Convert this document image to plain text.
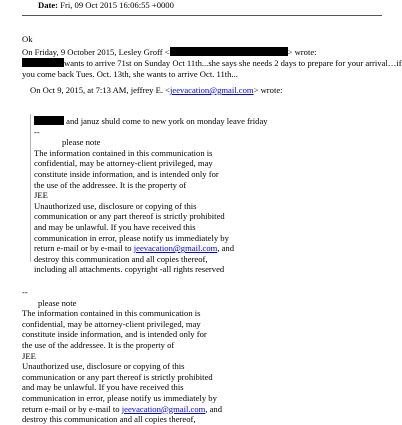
Date: Fri, 09 Oct 2015 16:06:55 +0000
Ok
On Friday, 9 October 2015, Lesley Groff <	> wrote:
wants to arrive 71st on Sunday Oct 11th...she says she needs 2 days to prepare for your arrival…if
you come back Tues. Oct. 13th, she wants to arrive Oct. 11th...
On Oct 9, 2015, at 7:13 AM, jeffrey E. <jeevacation@gmail.com> wrote:
and januz shuld come to new york on monday leave friday
--
please note
The information contained in this communication is
confidential, may be attorney-client privileged, may
constitute inside information, and is intended only for
the use of the addressee. It is the property of
JEE
Unauthorized use, disclosure or copying of this
communication or any part thereof is strictly prohibited
and may be unlawful. If you have received this
communication in error, please notify us immediately by
return e-mail or by e-mail to jeevacation@gmail.com, and
destroy this communication and all copies thereof,
including all attachments. copyright -all rights reserved
--
please note
The information contained in this communication is
confidential, may be attorney-client privileged, may
constitute inside information, and is intended only for
the use of the addressee. It is the property of
JEE
Unauthorized use, disclosure or copying of this
communication or any part thereof is strictly prohibited
and may be unlawful. If you have received this
communication in error, please notify us immediately by
return e-mail or by e-mail to jeevacation@gmail.com, and
destroy this communication and all copies thereof,
